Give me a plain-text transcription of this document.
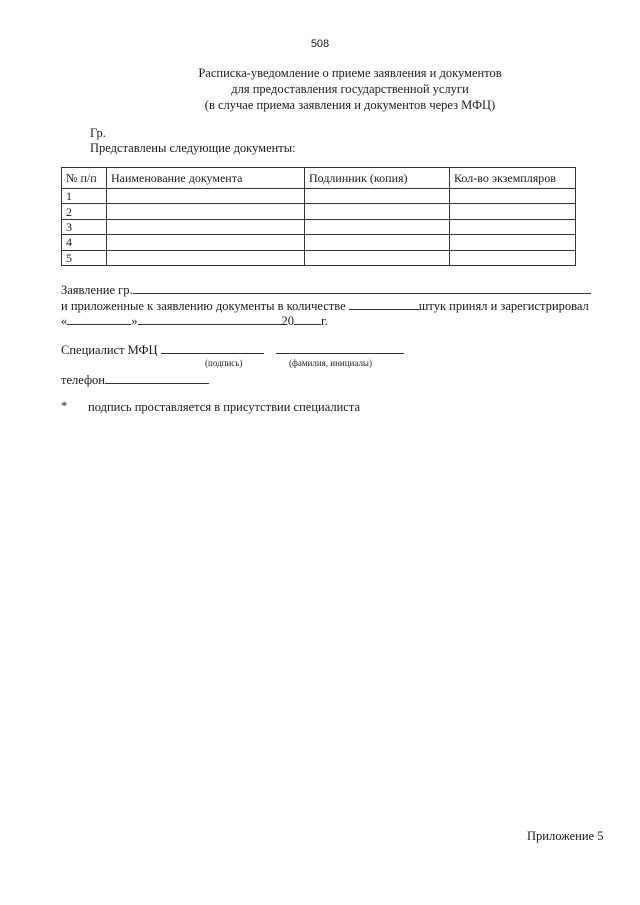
508
Расписка-уведомление о приеме заявления и документов
для предоставления государственной услуги
(в случае приема заявления и документов через МФЦ)
Гр.
Представлены следующие документы:
№ п/п	Наименование документа	Подлинник (копия)	Кол-во экземпляров
1			
2			
3			
4			
5			
Заявление гр.
и приложенные к заявлению документы в количестве	штук принял и зарегистрировал
«	»	20 г.
Специалист МФЦ
(подпись)	(фамилия, инициалы)
телефон
* подпись проставляется в присутствии специалиста
Приложение 5
